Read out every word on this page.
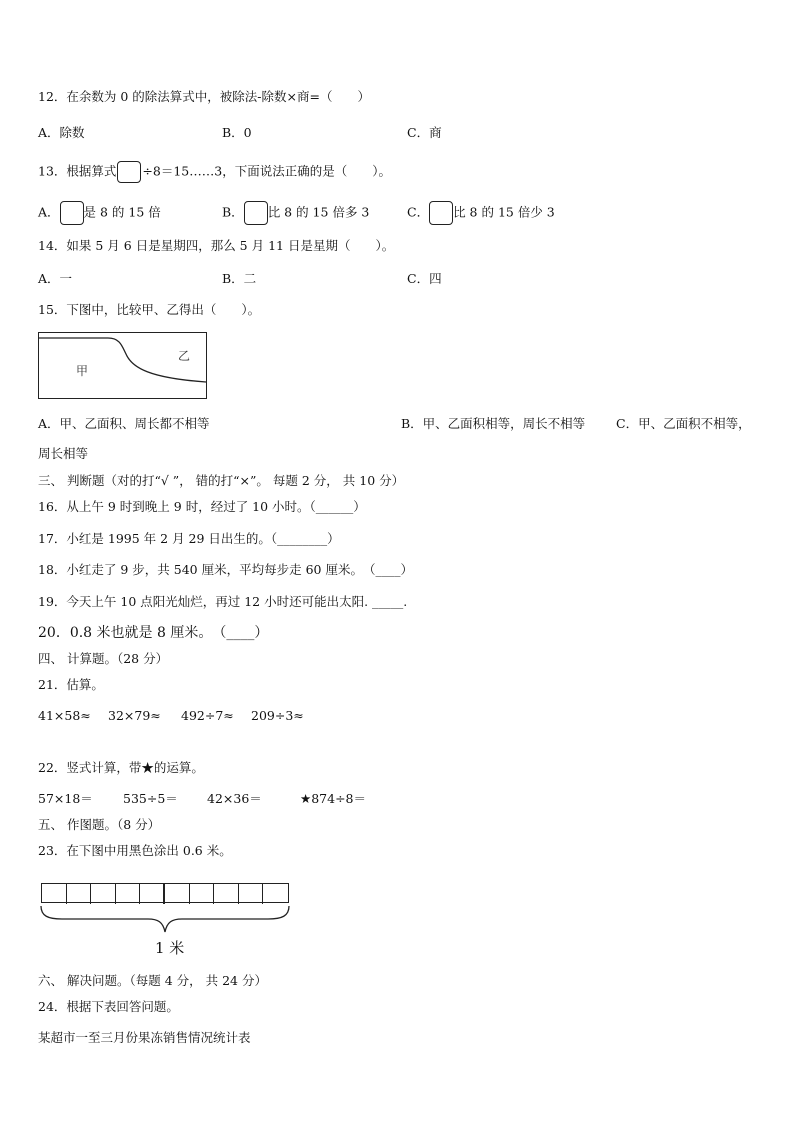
12．在余数为 0 的除法算式中，被除法-除数×商=（　　）
A．除数	B．0	C．商
13．根据算式 ÷8＝15……3，下面说法正确的是（　　）。
A． 是 8 的 15 倍	B． 比 8 的 15 倍多 3	C． 比 8 的 15 倍少 3
14．如果 5 月 6 日是星期四，那么 5 月 11 日是星期（　　）。
A．一	B．二	C．四
15．下图中，比较甲、乙得出（　　）。
甲
乙
A．甲、乙面积、周长都不相等	B．甲、乙面积相等，周长不相等 C．甲、乙面积不相等，
周长相等
三、 判断题（对的打“√ ”， 错的打“×”。 每题 2 分， 共 10 分）
16．从上午 9 时到晚上 9 时，经过了 10 小时。（______）
17．小红是 1995 年 2 月 29 日出生的。（________）
18．小红走了 9 步，共 540 厘米，平均每步走 60 厘米。　（____）
19．今天上午 10 点阳光灿烂，再过 12 小时还可能出太阳. _____.
20．0.8 米也就是 8 厘米。　（____）
四、 计算题。（28 分）
21．估算。
41×58≈ 32×79≈ 492÷7≈ 209÷3≈
22．竖式计算，带★的运算。
57×18＝ 535÷5＝ 42×36＝	★874÷8＝
五、 作图题。（8 分）
23．在下图中用黑色涂出 0.6 米。
1 米
六、 解决问题。（每题 4 分， 共 24 分）
24．根据下表回答问题。
某超市一至三月份果冻销售情况统计表
